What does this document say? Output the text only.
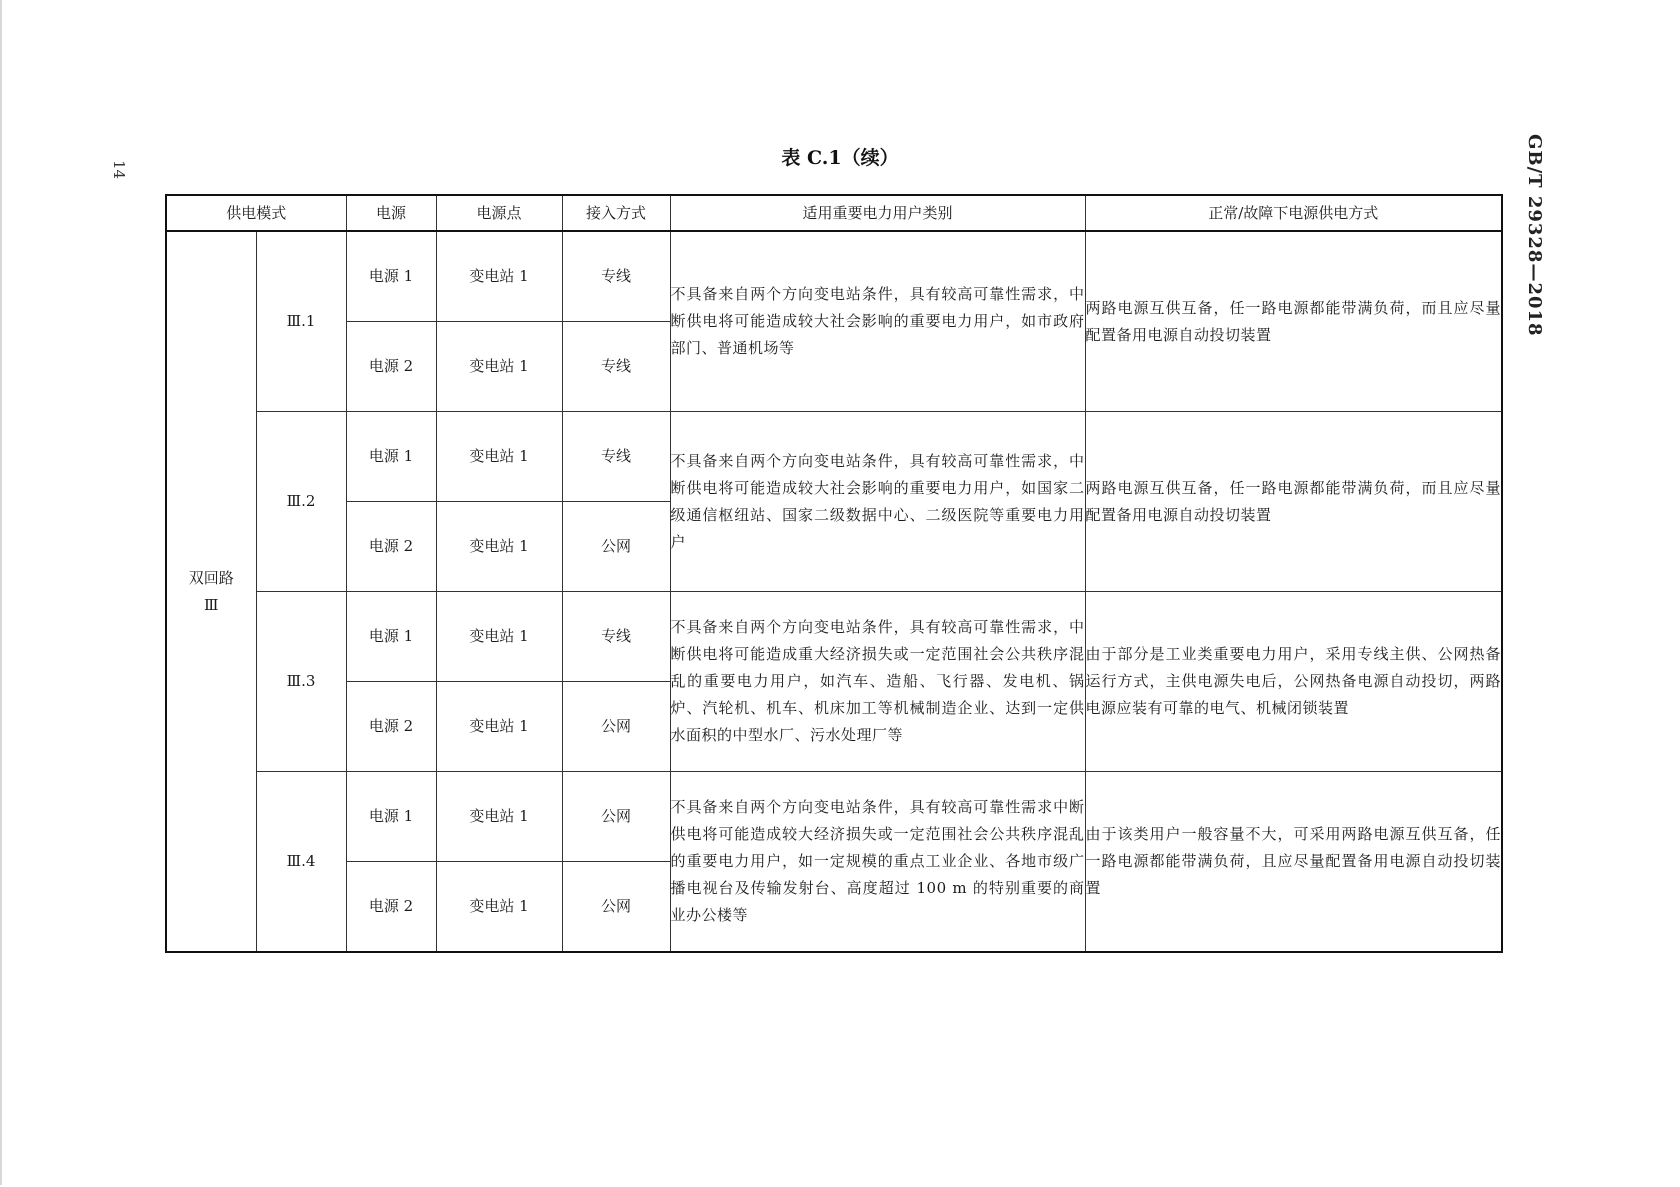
14	GB/T 29328—2018
表 C.1（续）
供电模式		电源	电源点	接入方式	适用重要电力用户类别	正常/故障下电源供电方式

双回路
Ⅲ	Ⅲ.1	电源 1	变电站 1	专线	不具备来自两个方向变电站条件，具有较高可靠性需求，中断供电将可能造成较大社会影响的重要电力用户，如市政府部门、普通机场等	两路电源互供互备，任一路电源都能带满负荷，而且应尽量配置备用电源自动投切装置
		电源 2	变电站 1	专线		
	Ⅲ.2	电源 1	变电站 1	专线	不具备来自两个方向变电站条件，具有较高可靠性需求，中断供电将可能造成较大社会影响的重要电力用户，如国家二级通信枢纽站、国家二级数据中心、二级医院等重要电力用户	两路电源互供互备，任一路电源都能带满负荷，而且应尽量配置备用电源自动投切装置
		电源 2	变电站 1	公网		
	Ⅲ.3	电源 1	变电站 1	专线	不具备来自两个方向变电站条件，具有较高可靠性需求，中断供电将可能造成重大经济损失或一定范围社会公共秩序混乱的重要电力用户，如汽车、造船、飞行器、发电机、锅炉、汽轮机、机车、机床加工等机械制造企业、达到一定供水面积的中型水厂、污水处理厂等	由于部分是工业类重要电力用户，采用专线主供、公网热备运行方式，主供电源失电后，公网热备电源自动投切，两路电源应装有可靠的电气、机械闭锁装置
		电源 2	变电站 1	公网		
	Ⅲ.4	电源 1	变电站 1	公网	不具备来自两个方向变电站条件，具有较高可靠性需求中断供电将可能造成较大经济损失或一定范围社会公共秩序混乱的重要电力用户，如一定规模的重点工业企业、各地市级广播电视台及传输发射台、高度超过 100 m 的特别重要的商业办公楼等	由于该类用户一般容量不大，可采用两路电源互供互备，任一路电源都能带满负荷，且应尽量配置备用电源自动投切装置
		电源 2	变电站 1	公网		
